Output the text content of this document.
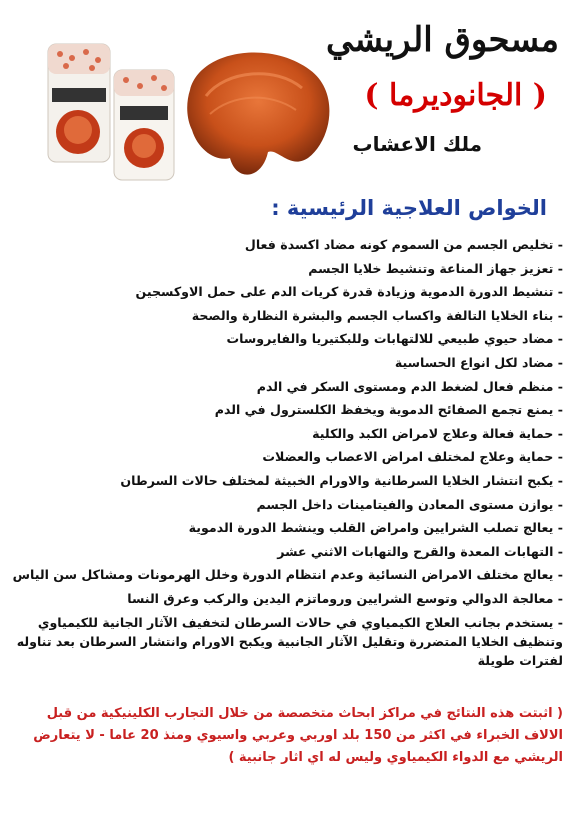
مسحوق الريشي
( الجانوديرما )
ملك الاعشاب
الخواص العلاجية الرئيسية :
- تخليص الجسم من السموم كونه مضاد اكسدة فعال
- تعزيز جهاز المناعة وتنشيط خلايا الجسم
- تنشيط الدورة الدموية وزيادة قدرة كريات الدم على حمل الاوكسجين
- بناء الخلايا التالفة واكساب الجسم والبشرة النظارة والصحة
- مضاد حيوي طبيعي للالتهابات وللبكتيريا والفايروسات
- مضاد لكل انواع الحساسية
- منظم فعال لضغط الدم ومستوى السكر في الدم
- يمنع تجمع الصفائح الدموية ويخفظ الكلسترول في الدم
- حماية فعالة وعلاج لامراض الكبد والكلية
- حماية وعلاج لمختلف امراض الاعصاب والعضلات
- يكبح انتشار الخلايا السرطانية والاورام الخبيثة لمختلف حالات السرطان
- يوازن مستوى المعادن والفيتامينات داخل الجسم
- يعالج تصلب الشرايين وامراض القلب وينشط الدورة الدموية
- التهابات المعدة والقرح والتهابات الاثني عشر
- يعالج مختلف الامراض النسائية وعدم انتظام الدورة وخلل الهرمونات ومشاكل سن الياس
- معالجة الدوالي وتوسع الشرايين وروماتزم اليدين والركب وعرق النسا
- يستخدم بجانب العلاج الكيمياوي في حالات السرطان لتخفيف الآثار الجانية للكيمياوي وتنظيف الخلايا المتضررة وتقليل الآثار الجانبية ويكبح الاورام وانتشار السرطان بعد تناوله لفترات طويلة
( اثبتت هذه النتائج في مراكز ابحاث متخصصة من خلال التجارب الكلينيكية من قبل الالاف الخبراء في اكثر من 150 بلد اوربي وعربي واسيوي ومنذ 20 عاما - لا يتعارض الريشي مع الدواء الكيمياوي وليس له اي اثار جانبية )
